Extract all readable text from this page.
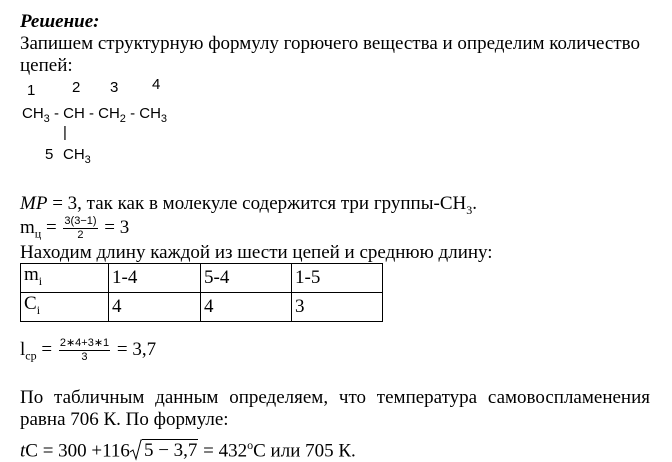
Решение:
Запишем структурную формулу горючего вещества и определим количество
цепей:
1 2 3 4
$CH_3$ - CH - $CH_2 - CH_3$
|
5 $CH_3$
MP = 3, так как в молекуле содержится три группы-$CH_3$.
$m_ц = \frac{3(3-1)}{2} = 3$
Находим длину каждой из шести цепей и среднюю длину:
$m_i$	1-4	5-4	1-5
$C_i$	4	4	3
$l_{ср} = \frac{2∗4+3∗1}{3} = 3,7$
По табличным данным определяем, что температура самовоспламенения
равна 706 К. По формуле:
tC = 300 +116 $5 - 3,7 = 432^оС$ или 705 К.
